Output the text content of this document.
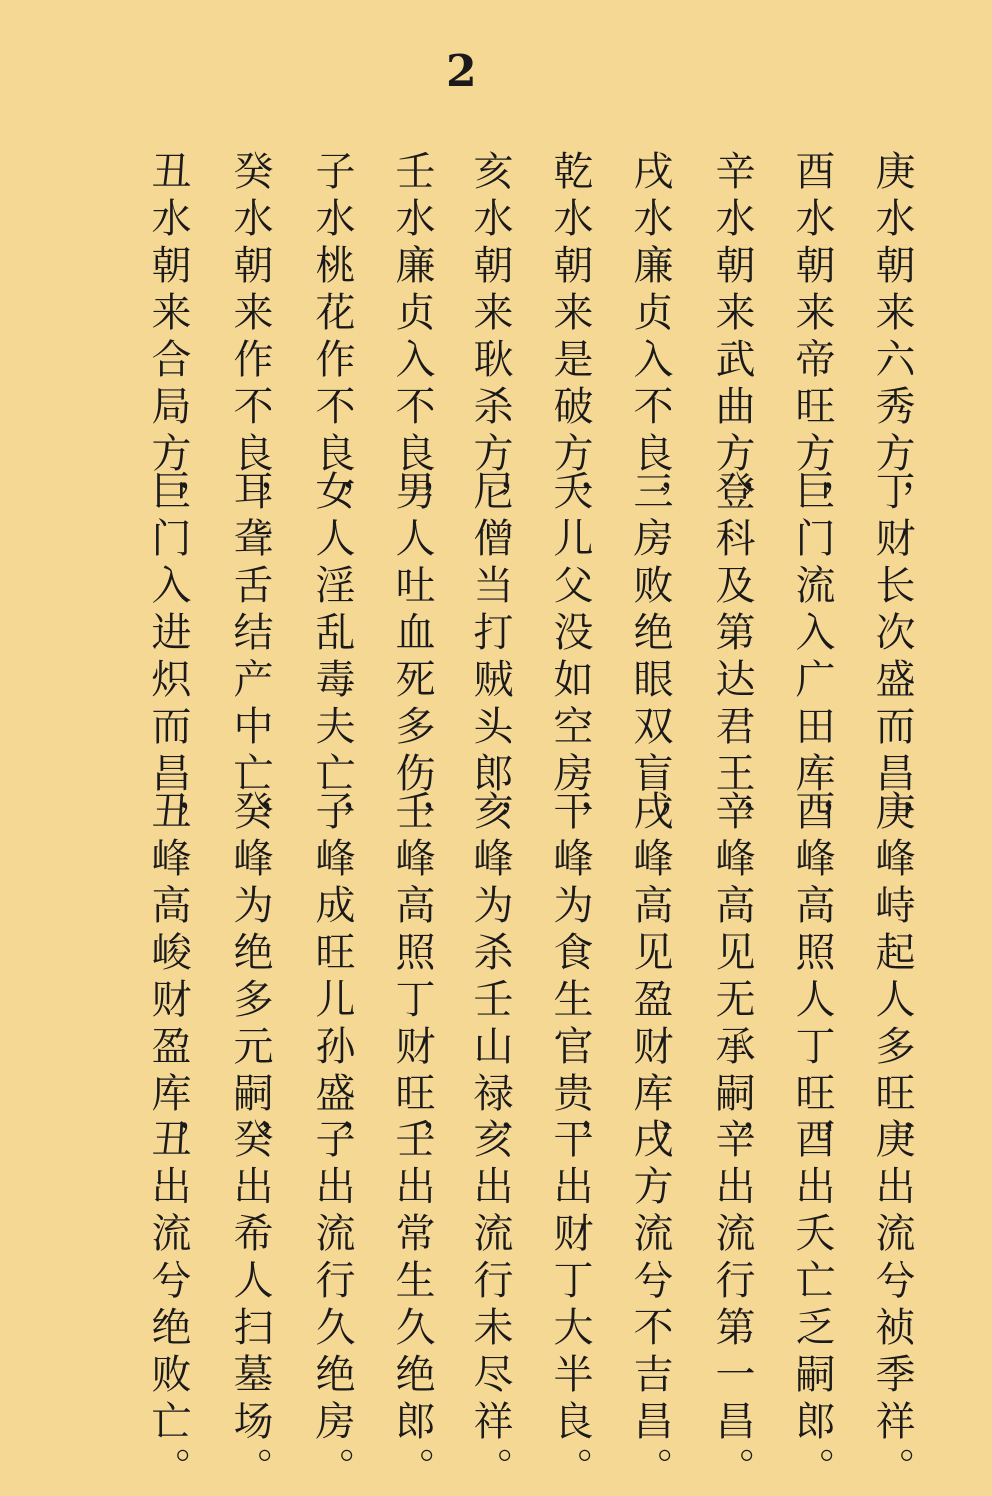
2
庚水朝来六秀方，
丁财长次盛而昌，
庚峰峙起人多旺，
庚出流兮祯季祥。
酉水朝来帝旺方，
巨门流入广田库，
酉峰高照人丁旺，
酉出夭亡乏嗣郎。
辛水朝来武曲方，
登科及第达君王，
辛峰高见无承嗣，
辛出流行第一昌。
戌水廉贞入不良，
三房败绝眼双盲，
戌峰高见盈财库，
戌方流兮不吉昌。
乾水朝来是破方，
夭儿父没如空房，
干峰为食生官贵，
干出财丁大半良。
亥水朝来耿杀方，
尼僧当打贼头郎，
亥峰为杀壬山禄，
亥出流行未尽祥。
壬水廉贞入不良，
男人吐血死多伤，
壬峰高照丁财旺，
壬出常生久绝郎。
子水桃花作不良，
女人淫乱毒夫亡，
子峰成旺儿孙盛，
子出流行久绝房。
癸水朝来作不良，
耳聋舌结产中亡，
癸峰为绝多元嗣，
癸出希人扫墓场。
丑水朝来合局方，
巨门入进炽而昌，
丑峰高峻财盈库，
丑出流兮绝败亡。
